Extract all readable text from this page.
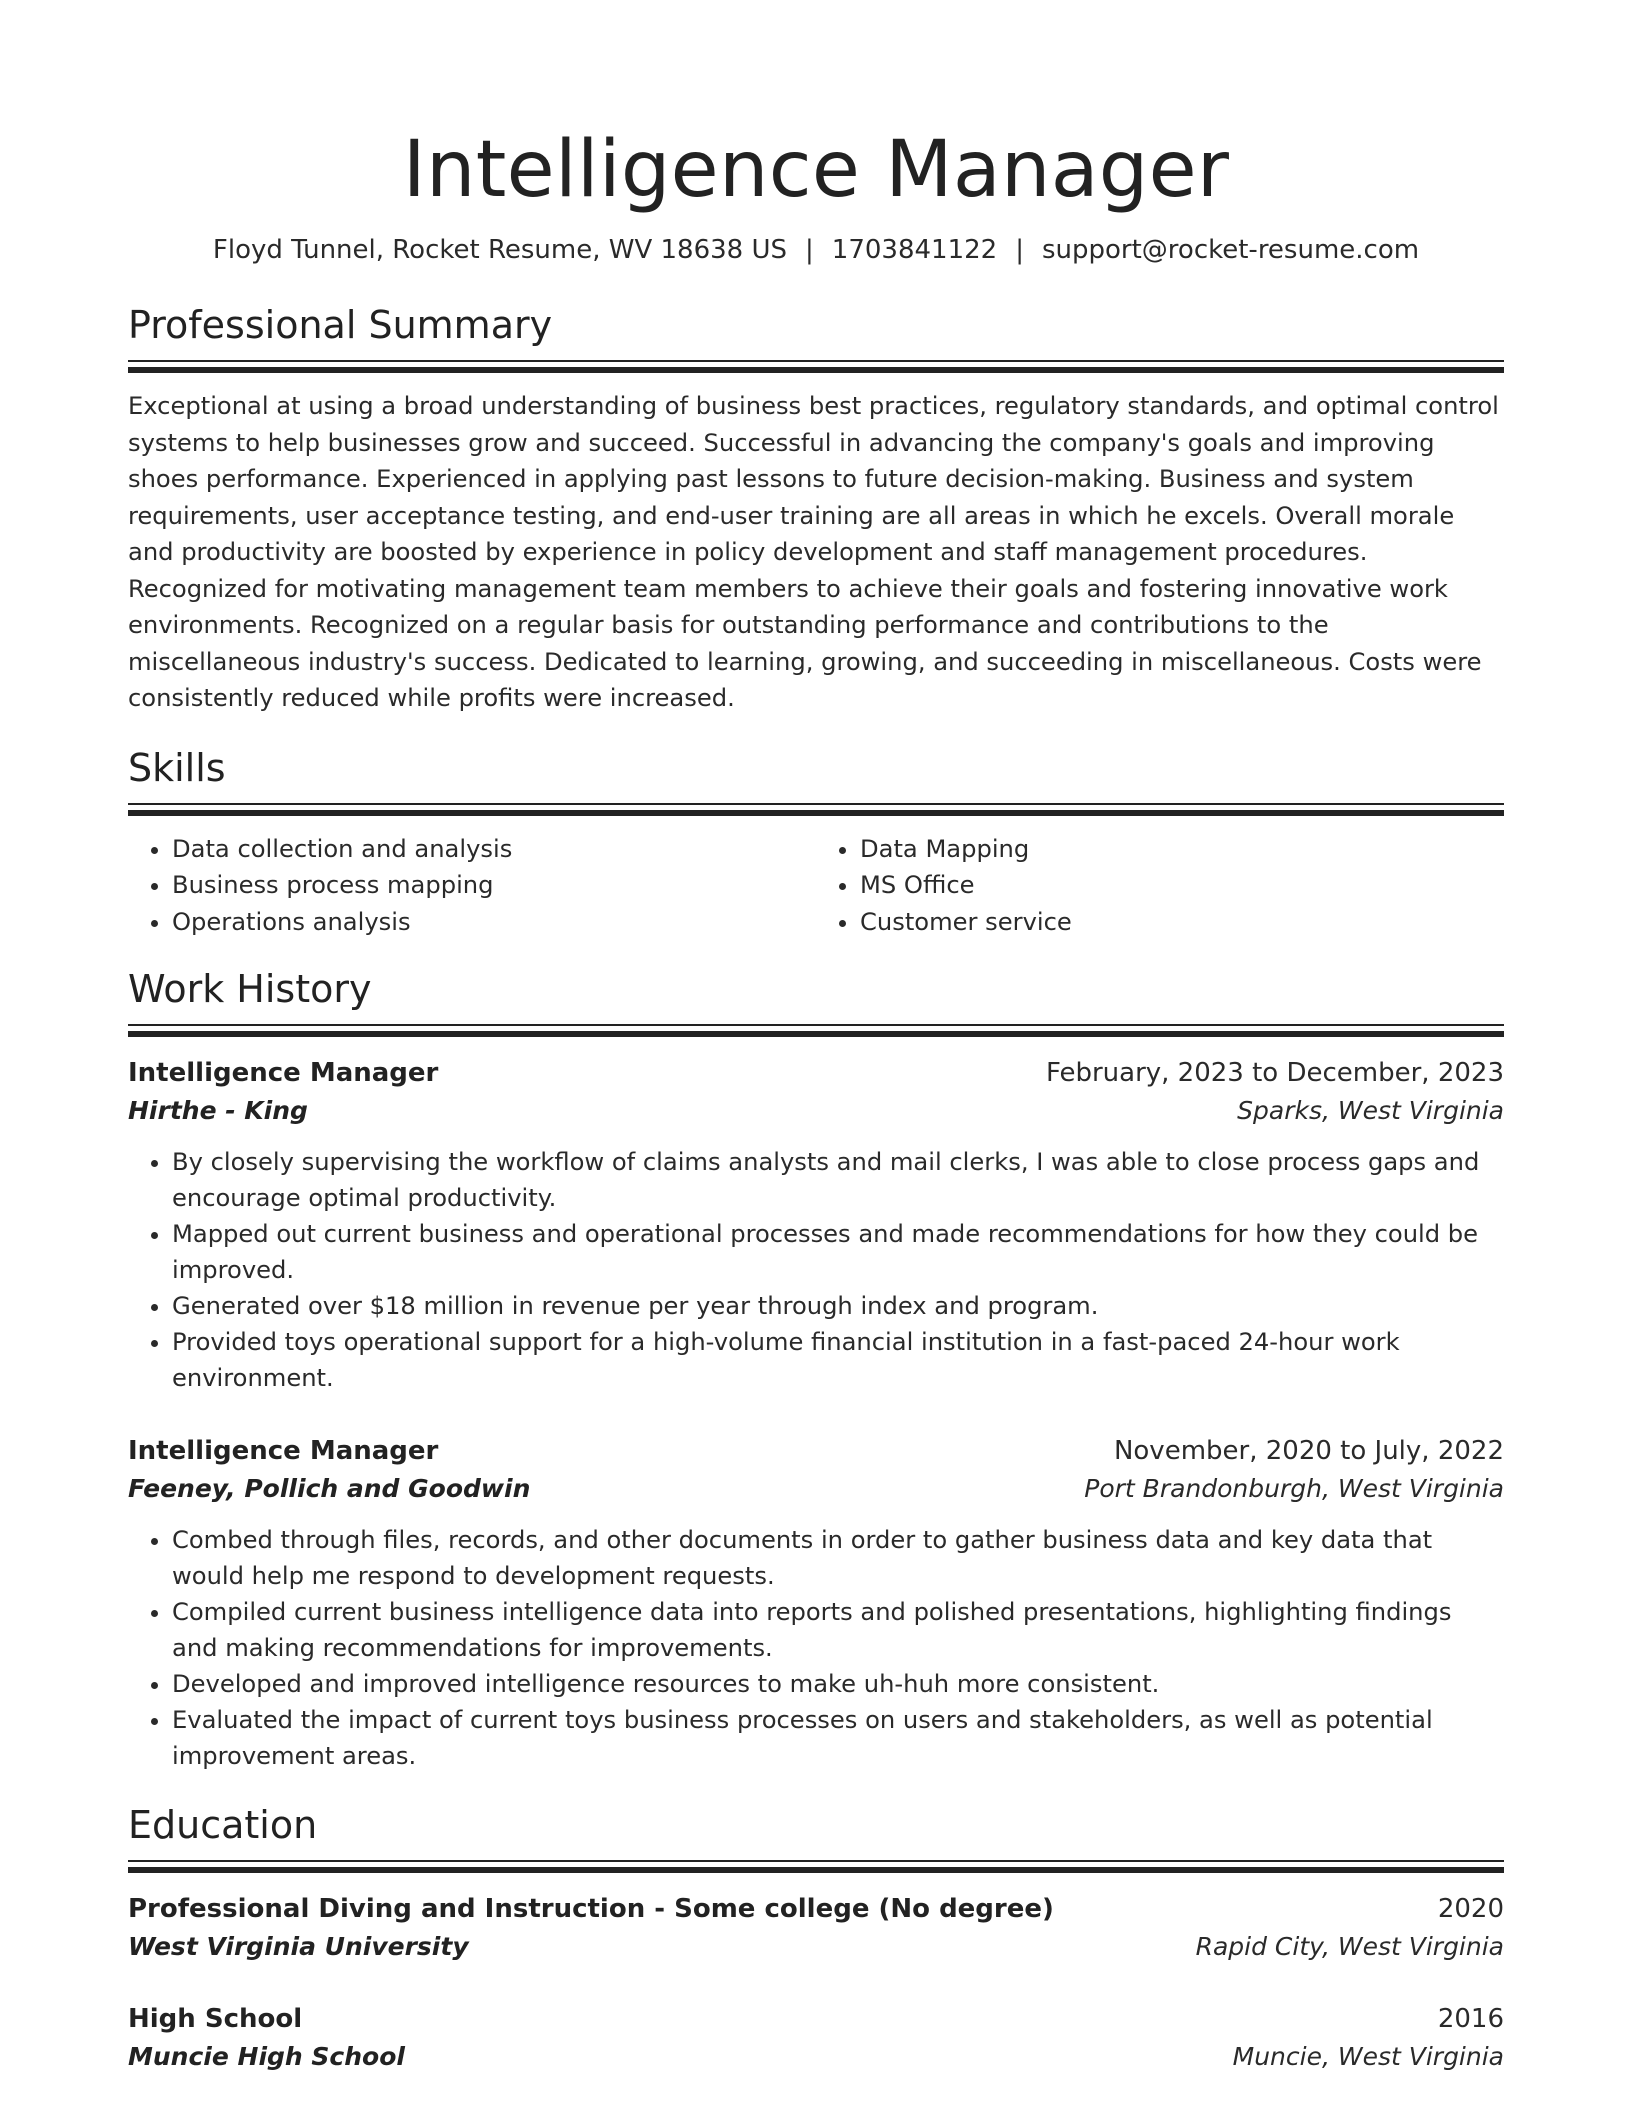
Intelligence Manager
Floyd Tunnel, Rocket Resume, WV 18638 US | 1703841122 | support@rocket-resume.com
Professional Summary

Exceptional at using a broad understanding of business best practices, regulatory standards, and optimal control systems to help businesses grow and succeed. Successful in advancing the company's goals and improving shoes performance. Experienced in applying past lessons to future decision-making. Business and system requirements, user acceptance testing, and end-user training are all areas in which he excels. Overall morale and productivity are boosted by experience in policy development and staff management procedures. Recognized for motivating management team members to achieve their goals and fostering innovative work environments. Recognized on a regular basis for outstanding performance and contributions to the miscellaneous industry's success. Dedicated to learning, growing, and succeeding in miscellaneous. Costs were consistently reduced while profits were increased.

Skills
• Data collection and analysis
• Business process mapping
• Operations analysis
• Data Mapping
• MS Office
• Customer service
Work History
Intelligence Manager	February, 2023 to December, 2023
Hirthe - King	Sparks, West Virginia
• By closely supervising the workflow of claims analysts and mail clerks, I was able to close process gaps and encourage optimal productivity.
• Mapped out current business and operational processes and made recommendations for how they could be improved.
• Generated over $18 million in revenue per year through index and program.
• Provided toys operational support for a high-volume financial institution in a fast-paced 24-hour work environment.
Intelligence Manager	November, 2020 to July, 2022
Feeney, Pollich and Goodwin	Port Brandonburgh, West Virginia
• Combed through files, records, and other documents in order to gather business data and key data that would help me respond to development requests.
• Compiled current business intelligence data into reports and polished presentations, highlighting findings and making recommendations for improvements.
• Developed and improved intelligence resources to make uh-huh more consistent.
• Evaluated the impact of current toys business processes on users and stakeholders, as well as potential improvement areas.
Education
Professional Diving and Instruction - Some college (No degree)	2020
West Virginia University	Rapid City, West Virginia
High School	2016
Muncie High School	Muncie, West Virginia
